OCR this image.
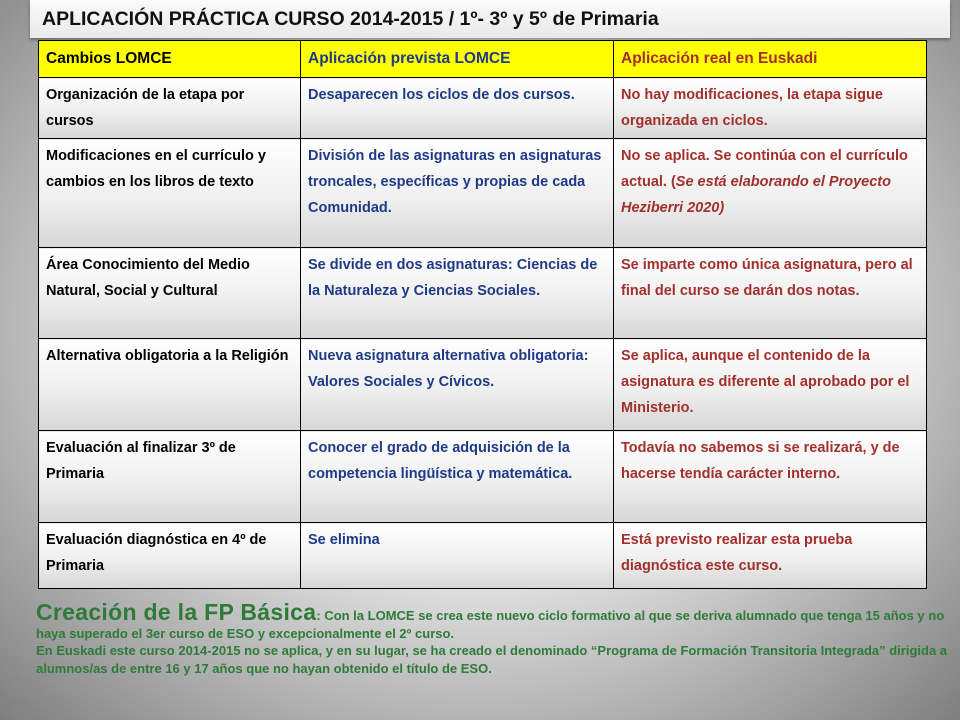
APLICACIÓN PRÁCTICA CURSO 2014-2015 / 1º- 3º y 5º de Primaria
Cambios LOMCE	Aplicación prevista LOMCE	Aplicación real en Euskadi
Organización de la etapa por cursos	Desaparecen los ciclos de dos cursos.	No hay modificaciones, la etapa sigue organizada en ciclos.
Modificaciones en el currículo y cambios en los libros de texto	División de las asignaturas en asignaturas troncales, específicas y propias de cada Comunidad.	No se aplica. Se continúa con el currículo actual. (Se está elaborando el Proyecto Heziberri 2020)
Área Conocimiento del Medio Natural, Social y Cultural	Se divide en dos asignaturas: Ciencias de la Naturaleza y Ciencias Sociales.	Se imparte como única asignatura, pero al final del curso se darán dos notas.
Alternativa obligatoria a la Religión	Nueva asignatura alternativa obligatoria: Valores Sociales y Cívicos.	Se aplica, aunque el contenido de la asignatura es diferente al aprobado por el Ministerio.
Evaluación al finalizar 3º de Primaria	Conocer el grado de adquisición de la competencia lingüística y matemática.	Todavía no sabemos si se realizará, y de hacerse tendía carácter interno.
Evaluación diagnóstica en 4º de Primaria	Se elimina	Está previsto realizar esta prueba diagnóstica este curso.

Creación de la FP Básica: Con la LOMCE se crea este nuevo ciclo formativo al que se deriva alumnado que tenga 15 años y no haya superado el 3er curso de ESO y excepcionalmente el 2º curso.

En Euskadi este curso 2014-2015 no se aplica, y en su lugar, se ha creado el denominado “Programa de Formación Transitoria Integrada” dirigida a alumnos/as de entre 16 y 17 años que no hayan obtenido el título de ESO.
